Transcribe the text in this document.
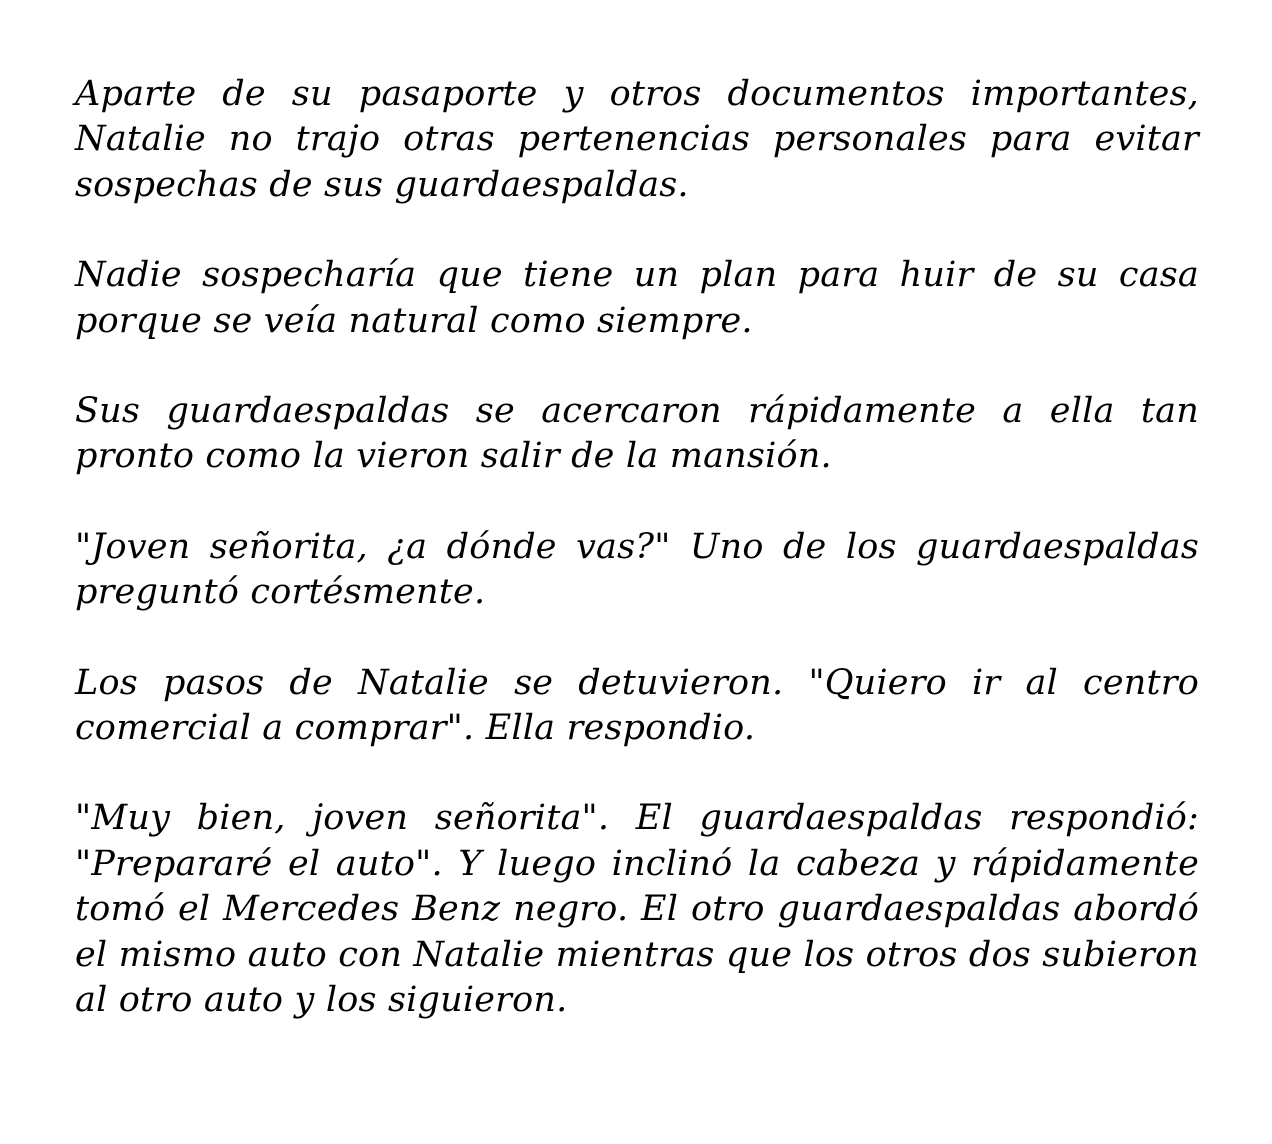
Aparte de su pasaporte y otros documentos importantes, Natalie no trajo otras pertenencias personales para evitar sospechas de sus guardaespaldas.

Nadie sospecharía que tiene un plan para huir de su casa porque se veía natural como siempre.

Sus guardaespaldas se acercaron rápidamente a ella tan pronto como la vieron salir de la mansión.

"Joven señorita, ¿a dónde vas?" Uno de los guardaespaldas preguntó cortésmente.

Los pasos de Natalie se detuvieron. "Quiero ir al centro comercial a comprar". Ella respondio.

"Muy bien, joven señorita". El guardaespaldas respondió: "Prepararé el auto". Y luego inclinó la cabeza y rápidamente tomó el Mercedes Benz negro. El otro guardaespaldas abordó el mismo auto con Natalie mientras que los otros dos subieron al otro auto y los siguieron.
